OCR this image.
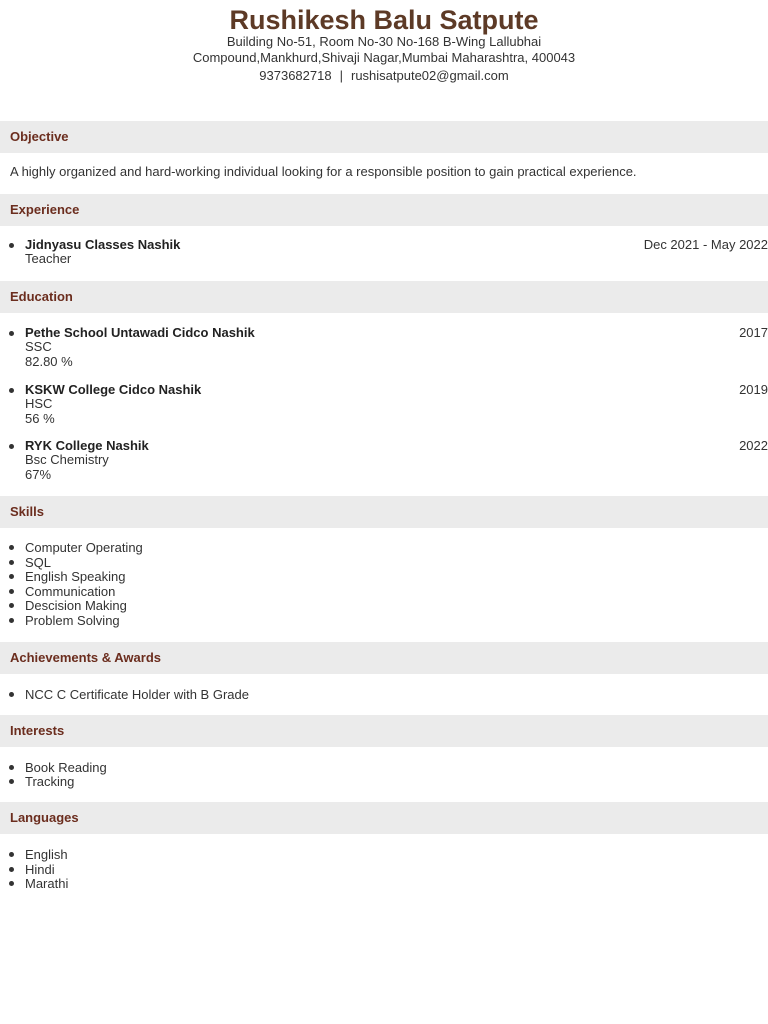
Rushikesh Balu Satpute
Building No-51, Room No-30 No-168 B-Wing Lallubhai
Compound,Mankhurd,Shivaji Nagar,Mumbai Maharashtra, 400043
9373682718 | rushisatpute02@gmail.com
Objective
A highly organized and hard-working individual looking for a responsible position to gain practical experience.
Experience
Jidnyasu Classes Nashik
Teacher
Dec 2021 - May 2022
Education
Pethe School Untawadi Cidco Nashik
SSC
82.80 %
2017
KSKW College Cidco Nashik
HSC
56 %
2019
RYK College Nashik
Bsc Chemistry
67%
2022
Skills
Computer Operating
SQL
English Speaking
Communication
Descision Making
Problem Solving
Achievements & Awards
NCC C Certificate Holder with B Grade
Interests
Book Reading
Tracking
Languages
English
Hindi
Marathi
